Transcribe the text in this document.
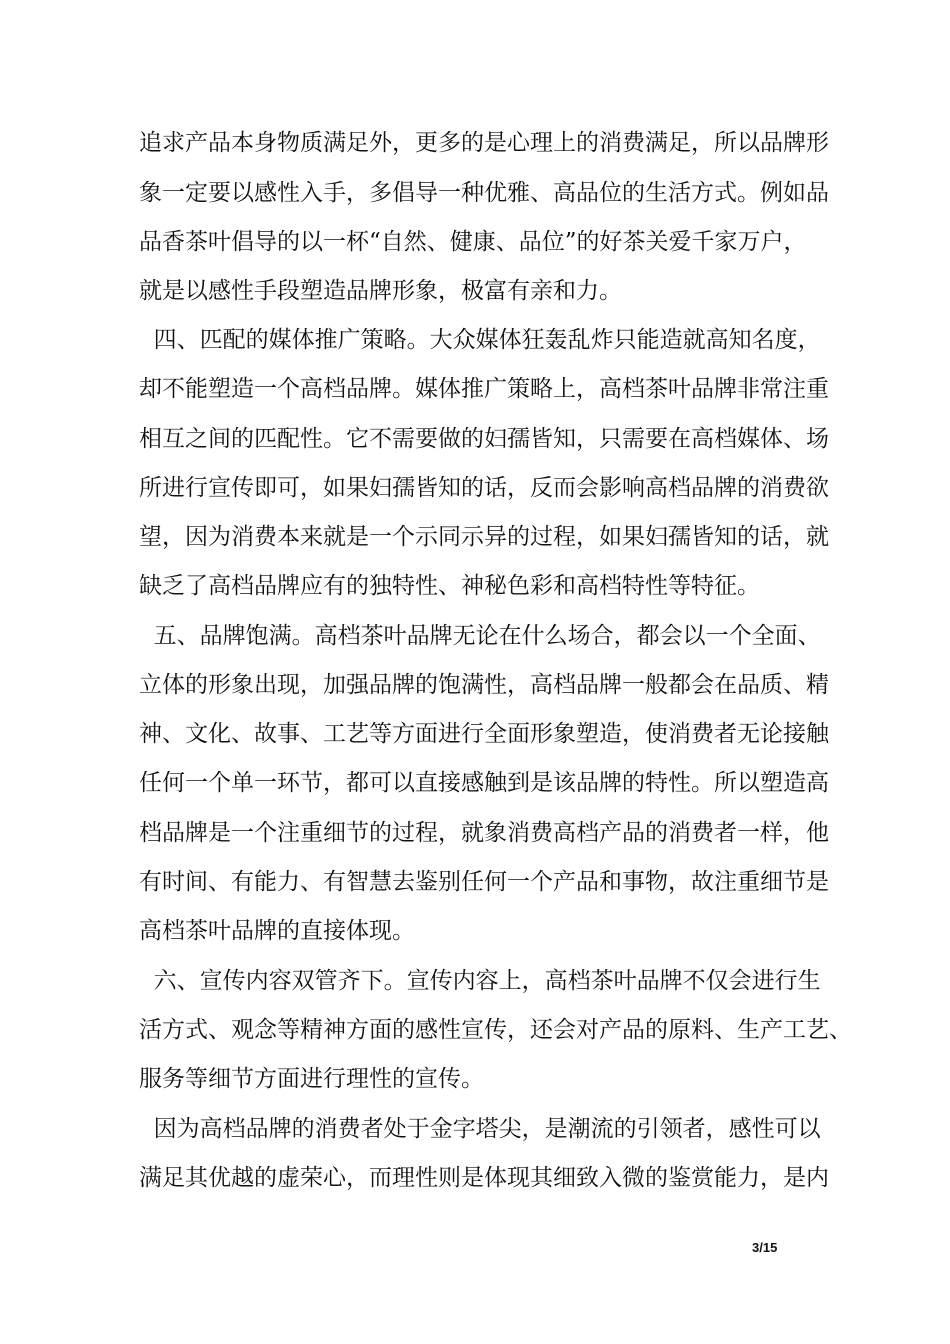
追求产品本身物质满足外，更多的是心理上的消费满足，所以品牌形
象一定要以感性入手，多倡导一种优雅、高品位的生活方式。例如品
品香茶叶倡导的以一杯“自然、健康、品位”的好茶关爱千家万户，
就是以感性手段塑造品牌形象，极富有亲和力。
四、匹配的媒体推广策略。大众媒体狂轰乱炸只能造就高知名度，
却不能塑造一个高档品牌。媒体推广策略上，高档茶叶品牌非常注重
相互之间的匹配性。它不需要做的妇孺皆知，只需要在高档媒体、场
所进行宣传即可，如果妇孺皆知的话，反而会影响高档品牌的消费欲
望，因为消费本来就是一个示同示异的过程，如果妇孺皆知的话，就
缺乏了高档品牌应有的独特性、神秘色彩和高档特性等特征。
五、品牌饱满。高档茶叶品牌无论在什么场合，都会以一个全面、
立体的形象出现，加强品牌的饱满性，高档品牌一般都会在品质、精
神、文化、故事、工艺等方面进行全面形象塑造，使消费者无论接触
任何一个单一环节，都可以直接感触到是该品牌的特性。所以塑造高
档品牌是一个注重细节的过程，就象消费高档产品的消费者一样，他
有时间、有能力、有智慧去鉴别任何一个产品和事物，故注重细节是
高档茶叶品牌的直接体现。
六、宣传内容双管齐下。宣传内容上，高档茶叶品牌不仅会进行生
活方式、观念等精神方面的感性宣传，还会对产品的原料、生产工艺、
服务等细节方面进行理性的宣传。
因为高档品牌的消费者处于金字塔尖，是潮流的引领者，感性可以
满足其优越的虚荣心，而理性则是体现其细致入微的鉴赏能力，是内
3/15
